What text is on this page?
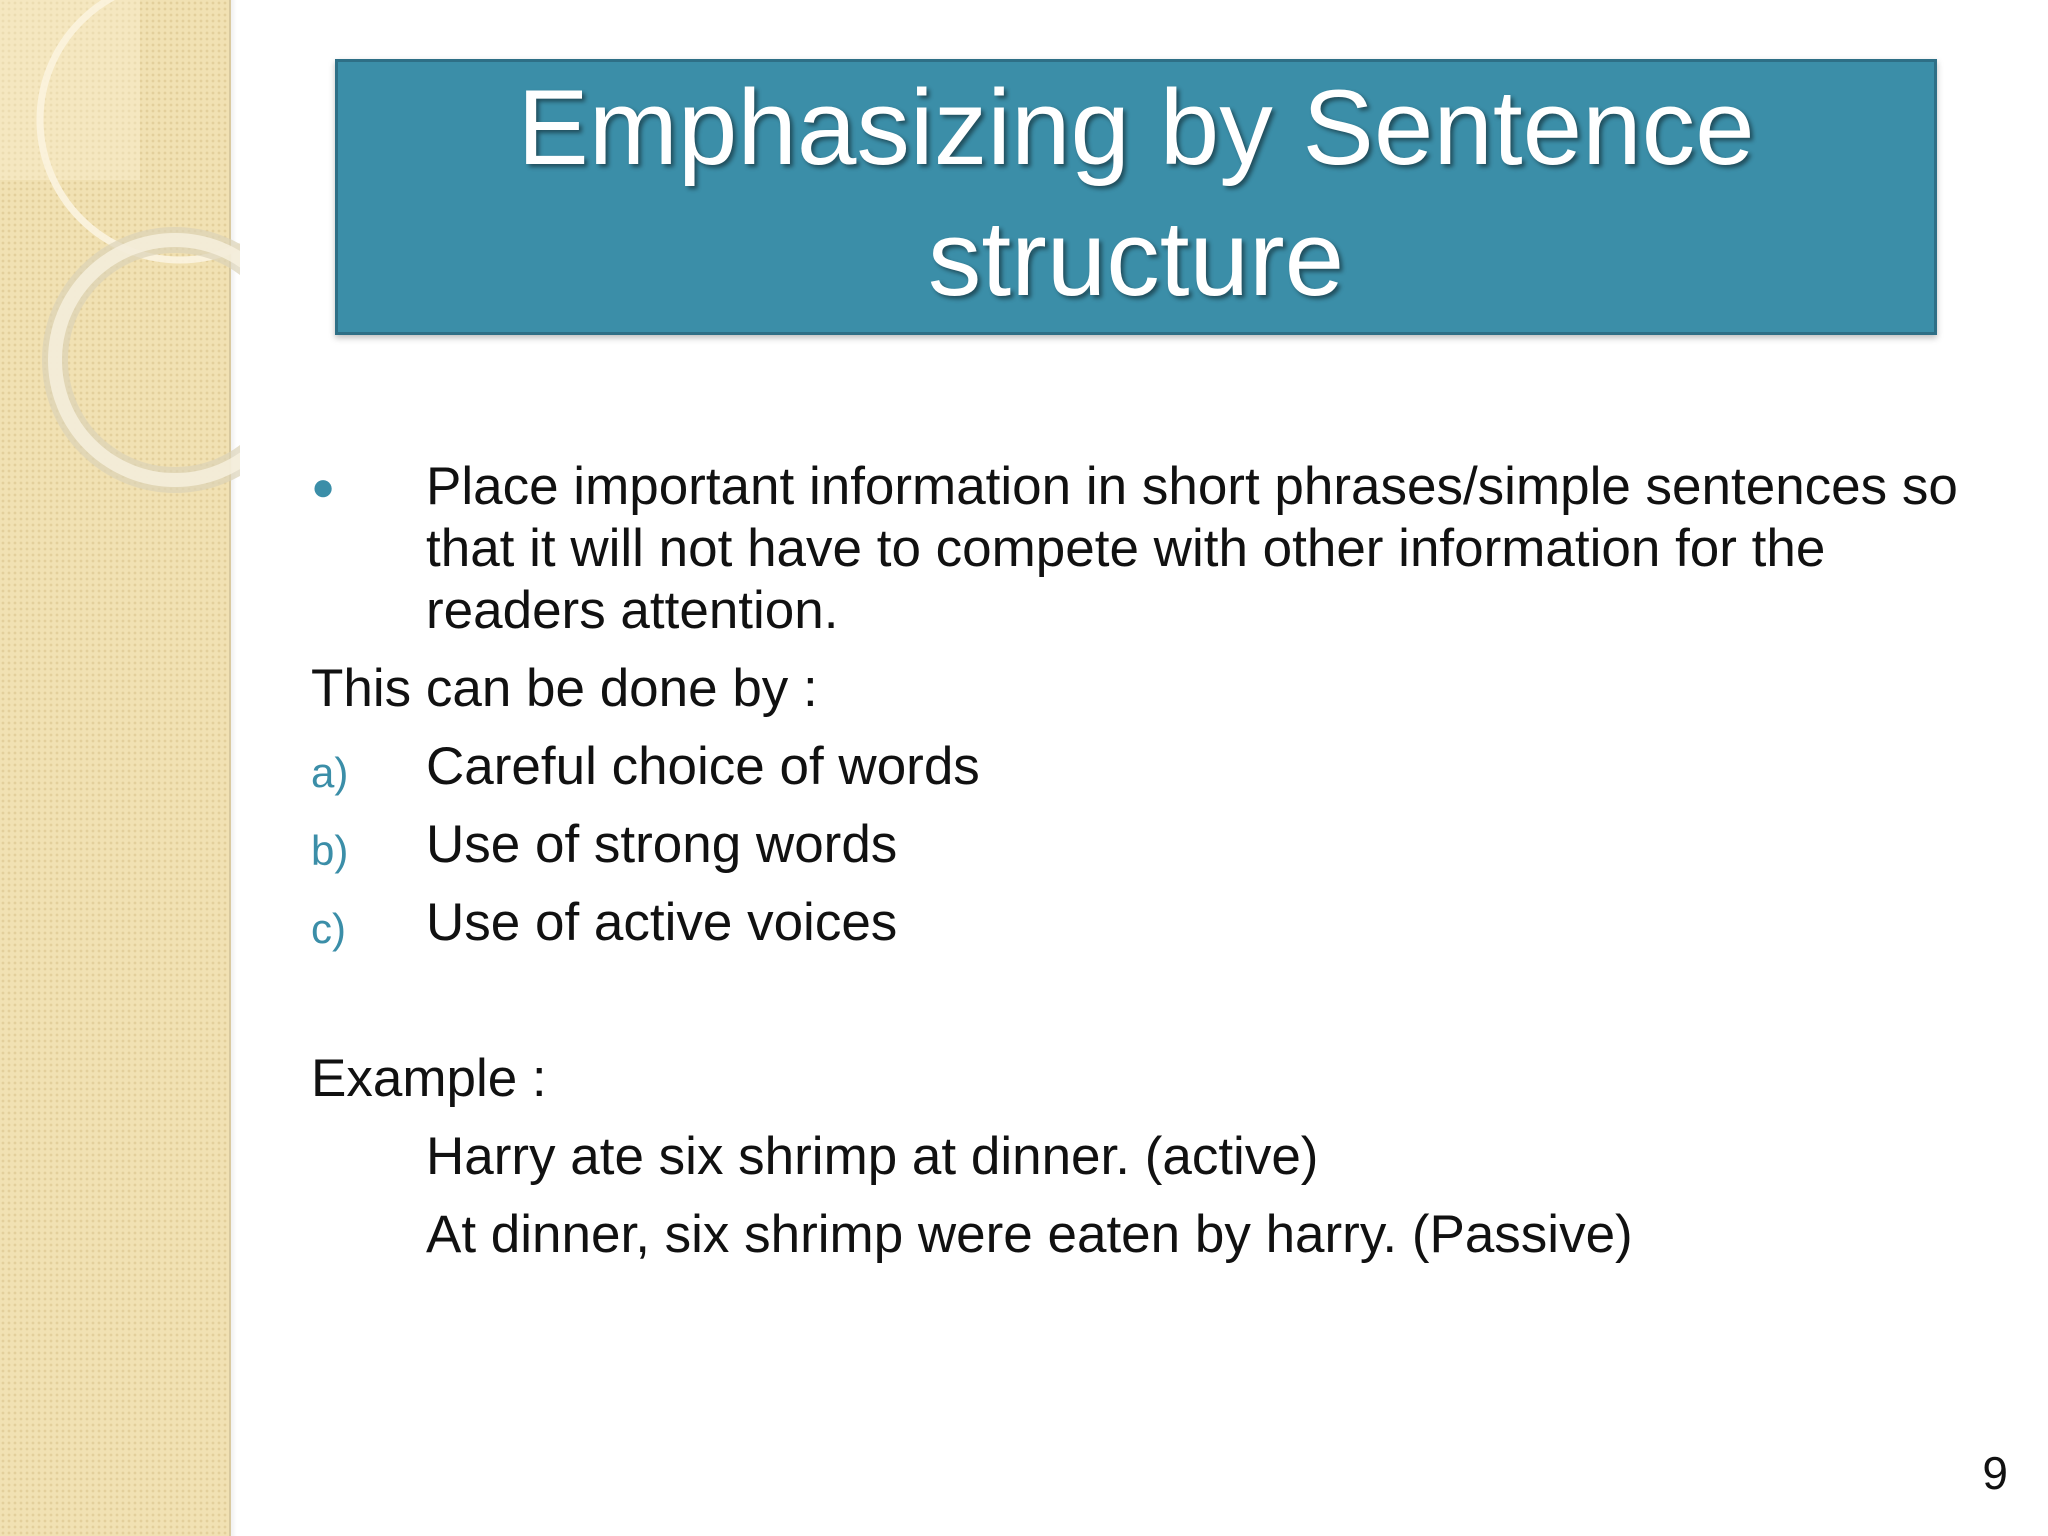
Emphasizing by Sentence structure
● Place important information in short phrases/simple sentences so that it will not have to compete with other information for the readers attention.
This can be done by :
a) Careful choice of words
b) Use of strong words
c) Use of active voices
Example :
Harry ate six shrimp at dinner. (active)
At dinner, six shrimp were eaten by harry. (Passive)
9
